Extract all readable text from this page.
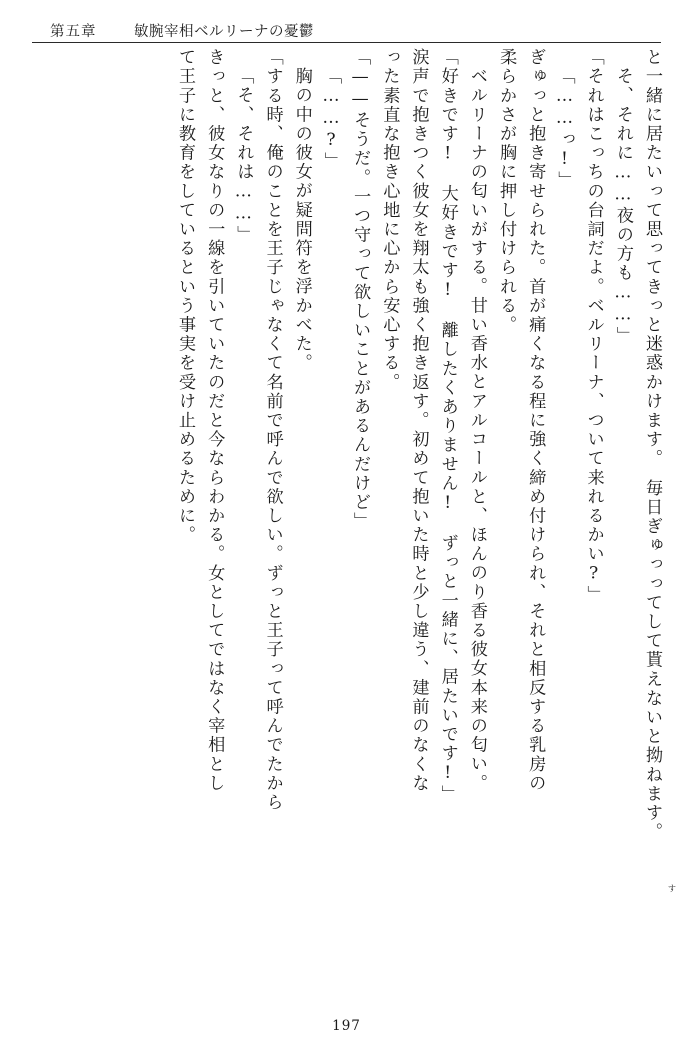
第五章	敏腕宰相ベルリーナの憂鬱
と一緒に居たいって思ってきっと迷惑かけます。　毎日ぎゅっってして貰えないと拗ねます。
そ、それに……夜の方も……」
「それはこっちの台詞だよ。ベルリーナ、ついて来れるかい?」
「……っ!」
ぎゅっと抱き寄せられた。首が痛くなる程に強く締め付けられ、それと相反する乳房の
柔らかさが胸に押し付けられる。
ベルリーナの匂いがする。甘い香水とアルコールと、ほんのり香る彼女本来の匂い。
「好きです!　大好きです!　離したくありません!　ずっと一緒に、居たいです!」
涙声で抱きつく彼女を翔太も強く抱き返す。初めて抱いた時と少し違う、建前のなくな
った素直な抱き心地に心から安心する。
「——そうだ。一つ守って欲しいことがあるんだけど」
「……?」
胸の中の彼女が疑問符を浮かべた。
「する時、俺のことを王子じゃなくて名前で呼んで欲しい。ずっと王子って呼んでたから
「そ、それは……」
きっと、彼女なりの一線を引いていたのだと今ならわかる。女としてではなく宰相とし
て王子に教育をしているという事実を受け止めるために。
す
197
